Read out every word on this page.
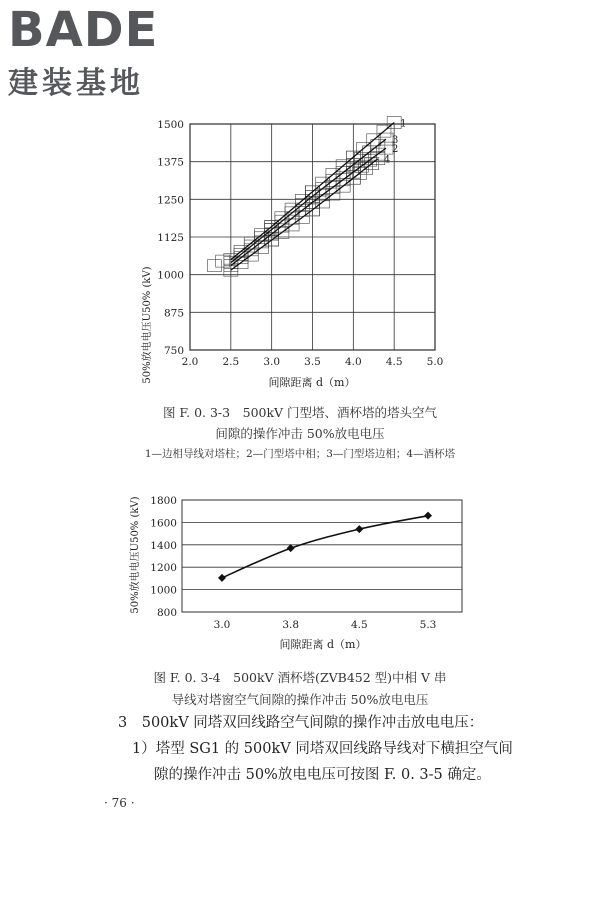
BADE
建装基地
50%放电电压U50% (kV)	间隙距离 d（m）
2.0 2.5 3.0 3.5 4.0 4.5 5.0
750
875
1000
1125
1250
1375
1500	1
3
2
4
图 F. 0. 3-3　500kV 门型塔、酒杯塔的塔头空气
间隙的操作冲击 50%放电电压
1—边相导线对塔柱；2—门型塔中相；3—门型塔边相；4—酒杯塔
50%放电电压U50% (kV)
间隙距离 d（m）
800
1000
1200
1400
1600
1800
3.0	3.8	4.5	5.3
图 F. 0. 3-4　500kV 酒杯塔(ZVB452 型)中相 V 串
导线对塔窗空气间隙的操作冲击 50%放电电压
3　500kV 同塔双回线路空气间隙的操作冲击放电电压：
1）塔型 SG1 的 500kV 同塔双回线路导线对下横担空气间
隙的操作冲击 50%放电电压可按图 F. 0. 3-5 确定。
· 76 ·
